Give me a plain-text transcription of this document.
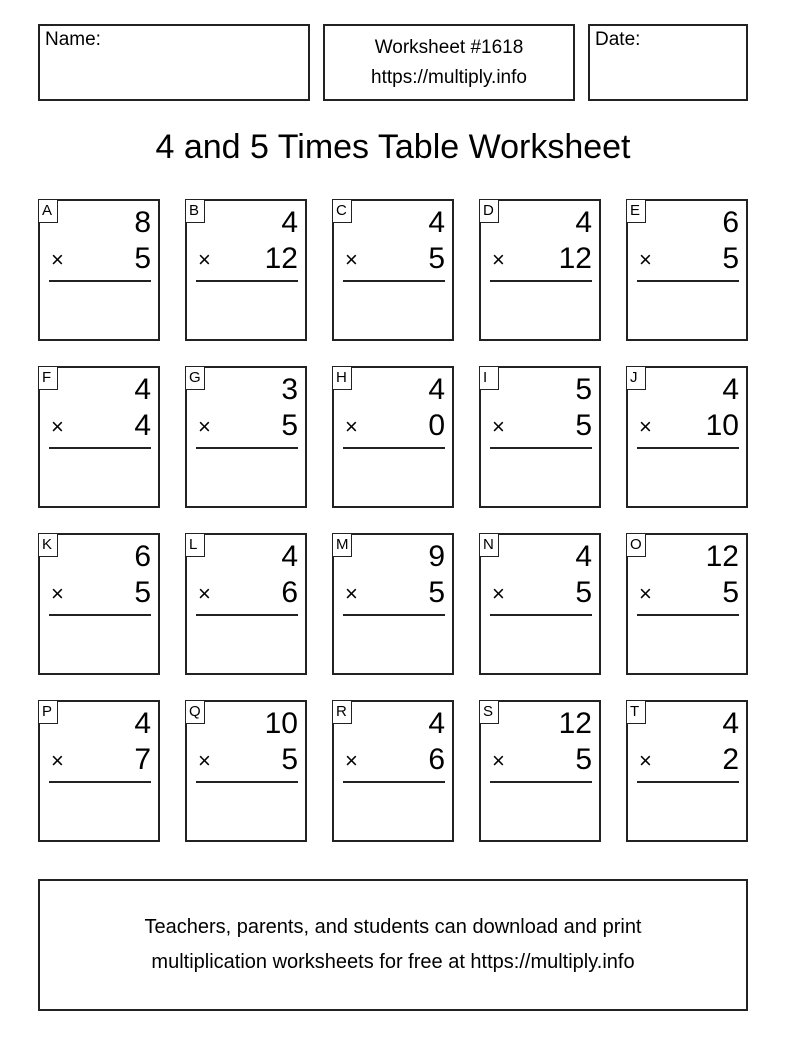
Name:	Worksheet #1618
https://multiply.info
Date:
4 and 5 Times Table Worksheet
A	8
× 5
B	4
× 12
C	4
× 5
D	4
× 12
E	6
× 5
F	4
× 4
G	3
× 5
H	4
× 0
I	5
× 5
J	4
× 10
K	6
× 5
L	4
× 6
M	9
× 5
N	4
× 5
O 12
× 5
P	4
× 7
Q 10
× 5
R	4
× 6
S 12
× 5
T	4
× 2
Teachers, parents, and students can download and print
multiplication worksheets for free at https://multiply.info
